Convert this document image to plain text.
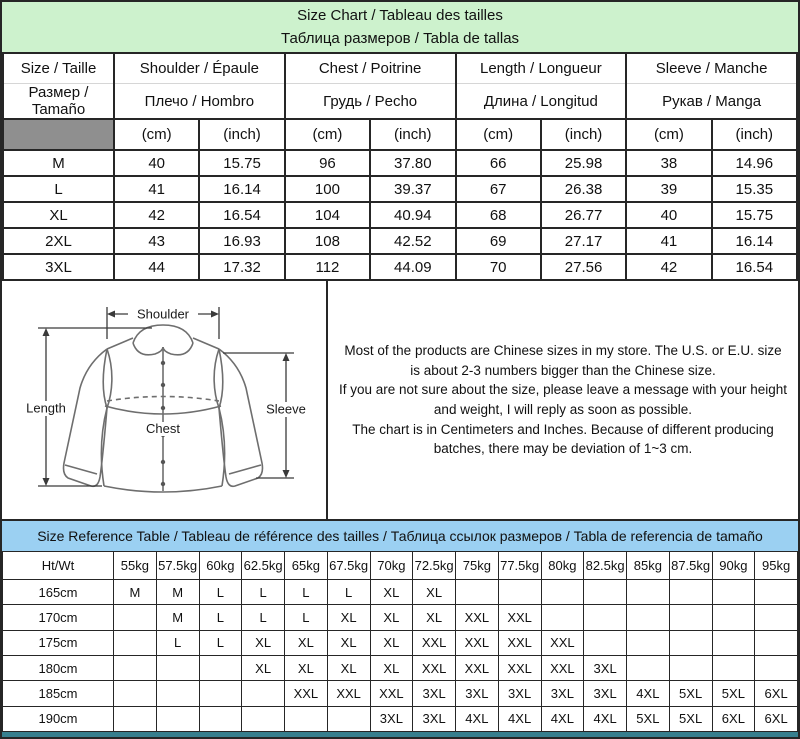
Size Chart / Tableau des tailles
Таблица размеров / Tabla de tallas
Size / Taille	Shoulder / Épaule		Chest / Poitrine		Length / Longueur		Sleeve / Manche	
Размер / Tamaño	Плечо / Hombro		Грудь / Pecho		Длина / Longitud		Рукав / Manga	
	(cm)	(inch)	(cm)	(inch)	(cm)	(inch)	(cm)	(inch)
M	40	15.75	96	37.80	66	25.98	38	14.96
L	41	16.14	100	39.37	67	26.38	39	15.35
XL	42	16.54	104	40.94	68	26.77	40	15.75
2XL	43	16.93	108	42.52	69	27.17	41	16.14
3XL	44	17.32	112	44.09	70	27.56	42	16.54
Shoulder
Length	Sleeve
Chest

Most of the products are Chinese sizes in my store. The U.S. or E.U. size is about 2-3 numbers bigger than the Chinese size.

If you are not sure about the size, please leave a message with your height and weight, I will reply as soon as possible.

The chart is in Centimeters and Inches. Because of different producing batches, there may be deviation of 1~3 cm.

Size Reference Table / Tableau de référence des tailles / Таблица ссылок размеров / Tabla de referencia de tamaño
Ht/Wt	55kg	57.5kg	60kg	62.5kg	65kg	67.5kg	70kg	72.5kg	75kg	77.5kg	80kg	82.5kg	85kg	87.5kg	90kg	95kg
165cm	M	M	L	L	L	L	XL	XL								
170cm		M	L	L	L	XL	XL	XL	XXL	XXL						
175cm		L	L	XL	XL	XL	XL	XXL	XXL	XXL	XXL					
180cm				XL	XL	XL	XL	XXL	XXL	XXL	XXL	3XL				
185cm					XXL	XXL	XXL	3XL	3XL	3XL	3XL	3XL	4XL	5XL	5XL	6XL
190cm							3XL	3XL	4XL	4XL	4XL	4XL	5XL	5XL	6XL	6XL
